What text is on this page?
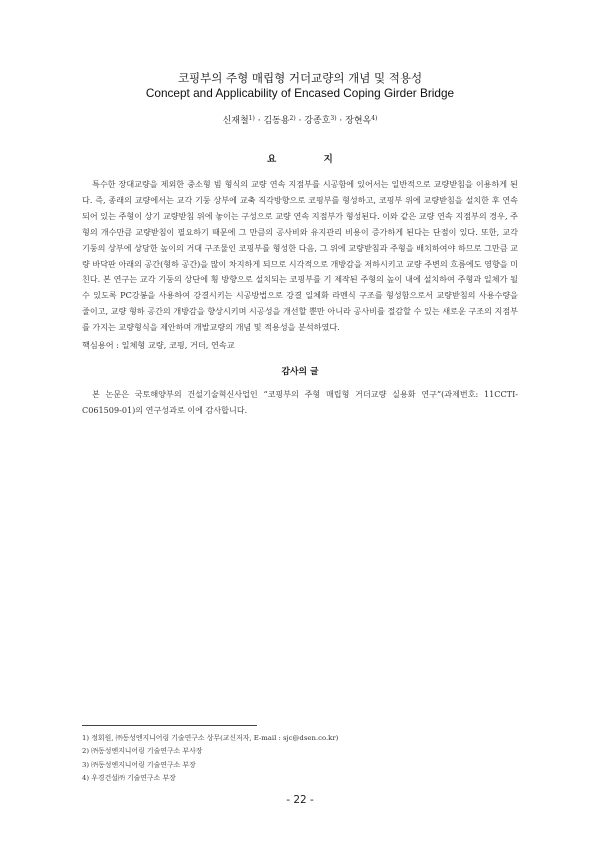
코핑부의 주형 매립형 거더교량의 개념 및 적용성
Concept and Applicability of Encased Coping Girder Bridge
신재철$^{1)}$ · 김동용$^{2)}$ · 강종호$^{3)}$ · 장현옥$^{4)}$
요 지

특수한 장대교량을 제외한 중소형 빔 형식의 교량 연속 지점부를 시공함에 있어서는 일반적으로 교량받침을 이용하게 된다. 즉, 종래의 교량에서는 교각 기둥 상부에 교축 직각방향으로 코핑부를 형성하고, 코핑부 위에 교량받침을 설치한 후 연속되어 있는 주형이 상기 교량받침 위에 놓이는 구성으로 교량 연속 지점부가 형성된다. 이와 같은 교량 연속 지점부의 경우, 주형의 개수만큼 교량받침이 필요하기 때문에 그 만큼의 공사비와 유지관리 비용이 증가하게 된다는 단점이 있다. 또한, 교각 기둥의 상부에 상당한 높이의 거대 구조물인 코핑부를 형성한 다음, 그 위에 교량받침과 주형을 배치하여야 하므로 그만큼 교량 바닥판 아래의 공간(형하 공간)을 많이 차지하게 되므로 시각적으로 개방감을 저하시키고 교량 주변의 흐름에도 영향을 미친다. 본 연구는 교각 기둥의 상단에 횡 방향으로 설치되는 코핑부를 기 제작된 주형의 높이 내에 설치하여 주형과 일체가 될 수 있도록 PC강봉을 사용하여 강결시키는 시공방법으로 강결 일체화 라멘식 구조를 형성함으로서 교량받침의 사용수량을 줄이고, 교량 형하 공간의 개방감을 향상시키며 시공성을 개선할 뿐만 아니라 공사비를 절감할 수 있는 새로운 구조의 지점부를 가지는 교량형식을 제안하며 개발교량의 개념 및 적용성을 분석하였다.

핵심용어 : 일체형 교량, 코핑, 거더, 연속교

감사의 글

본 논문은 국토해양부의 건설기술혁신사업인 “코핑부의 주형 매립형 거더교량 실용화 연구”(과제번호: 11CCTI-C061509-01)의 연구성과로 이에 감사합니다.

1) 정회원, ㈜동성엔지니어링 기술연구소 상무(교신저자, E-mail : sjc@dsen.co.kr)
2) ㈜동성엔지니어링 기술연구소 부사장
3) ㈜동성엔지니어링 기술연구소 부장
4) 우경건설㈜ 기술연구소 부장
- 22 -
